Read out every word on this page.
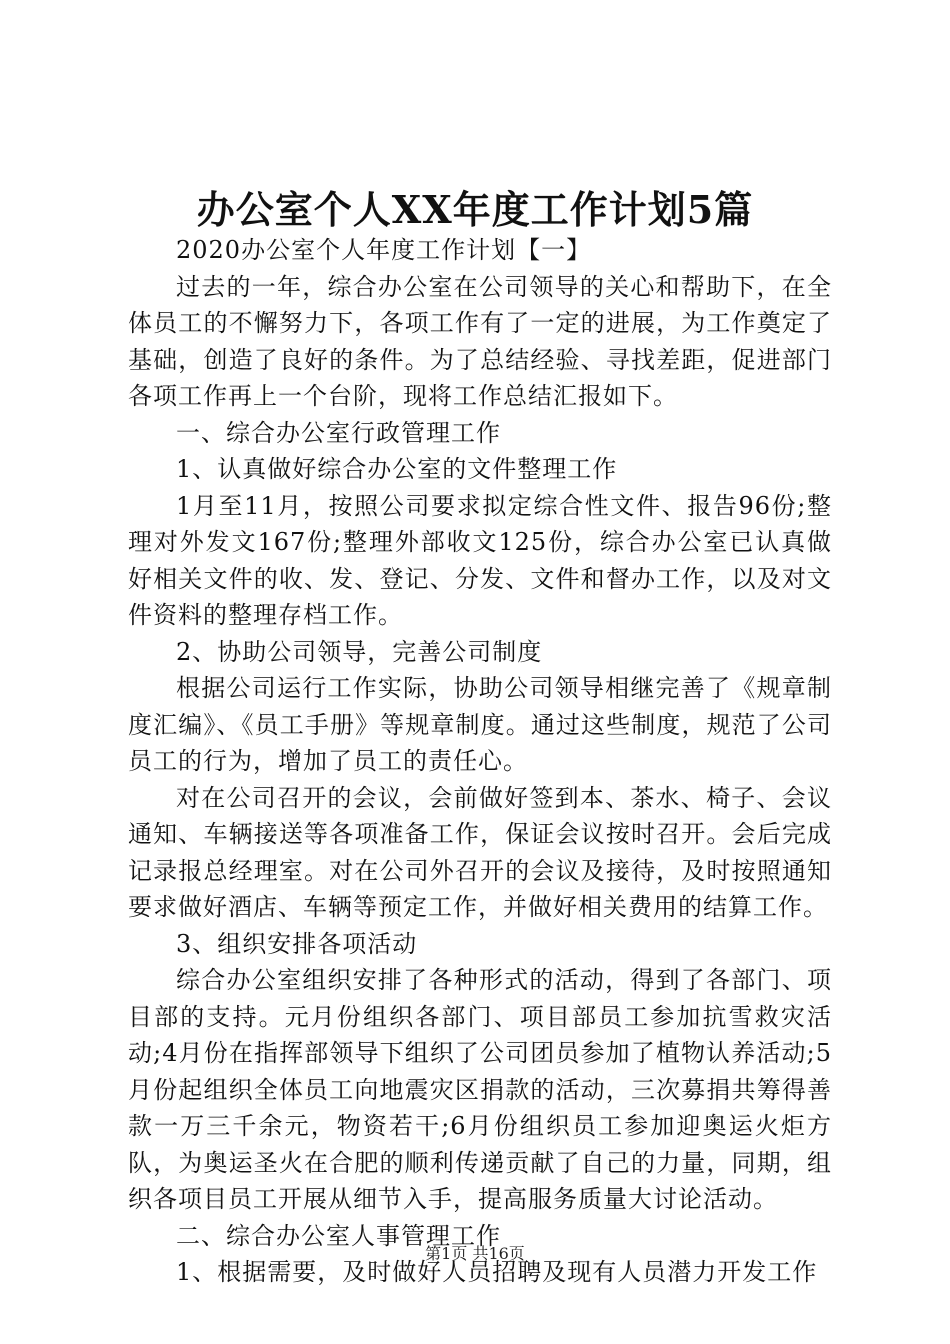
办公室个人XX年度工作计划5篇

2020办公室个人年度工作计划【一】

过去的一年，综合办公室在公司领导的关心和帮助下，在全体员工的不懈努力下，各项工作有了一定的进展，为工作奠定了基础，创造了良好的条件。为了总结经验、寻找差距，促进部门各项工作再上一个台阶，现将工作总结汇报如下。

一、综合办公室行政管理工作

1、认真做好综合办公室的文件整理工作

1月至11月，按照公司要求拟定综合性文件、报告96份;整理对外发文167份;整理外部收文125份，综合办公室已认真做好相关文件的收、发、登记、分发、文件和督办工作，以及对文件资料的整理存档工作。

2、协助公司领导，完善公司制度

根据公司运行工作实际，协助公司领导相继完善了《规章制度汇编》、《员工手册》等规章制度。通过这些制度，规范了公司员工的行为，增加了员工的责任心。

对在公司召开的会议，会前做好签到本、茶水、椅子、会议通知、车辆接送等各项准备工作，保证会议按时召开。会后完成记录报总经理室。对在公司外召开的会议及接待，及时按照通知要求做好酒店、车辆等预定工作，并做好相关费用的结算工作。

3、组织安排各项活动

综合办公室组织安排了各种形式的活动，得到了各部门、项目部的支持。元月份组织各部门、项目部员工参加抗雪救灾活动;4月份在指挥部领导下组织了公司团员参加了植物认养活动;5月份起组织全体员工向地震灾区捐款的活动，三次募捐共筹得善款一万三千余元，物资若干;6月份组织员工参加迎奥运火炬方队，为奥运圣火在合肥的顺利传递贡献了自己的力量，同期，组织各项目员工开展从细节入手，提高服务质量大讨论活动。

二、综合办公室人事管理工作

1、根据需要，及时做好人员招聘及现有人员潜力开发工作

第1页 共16页
